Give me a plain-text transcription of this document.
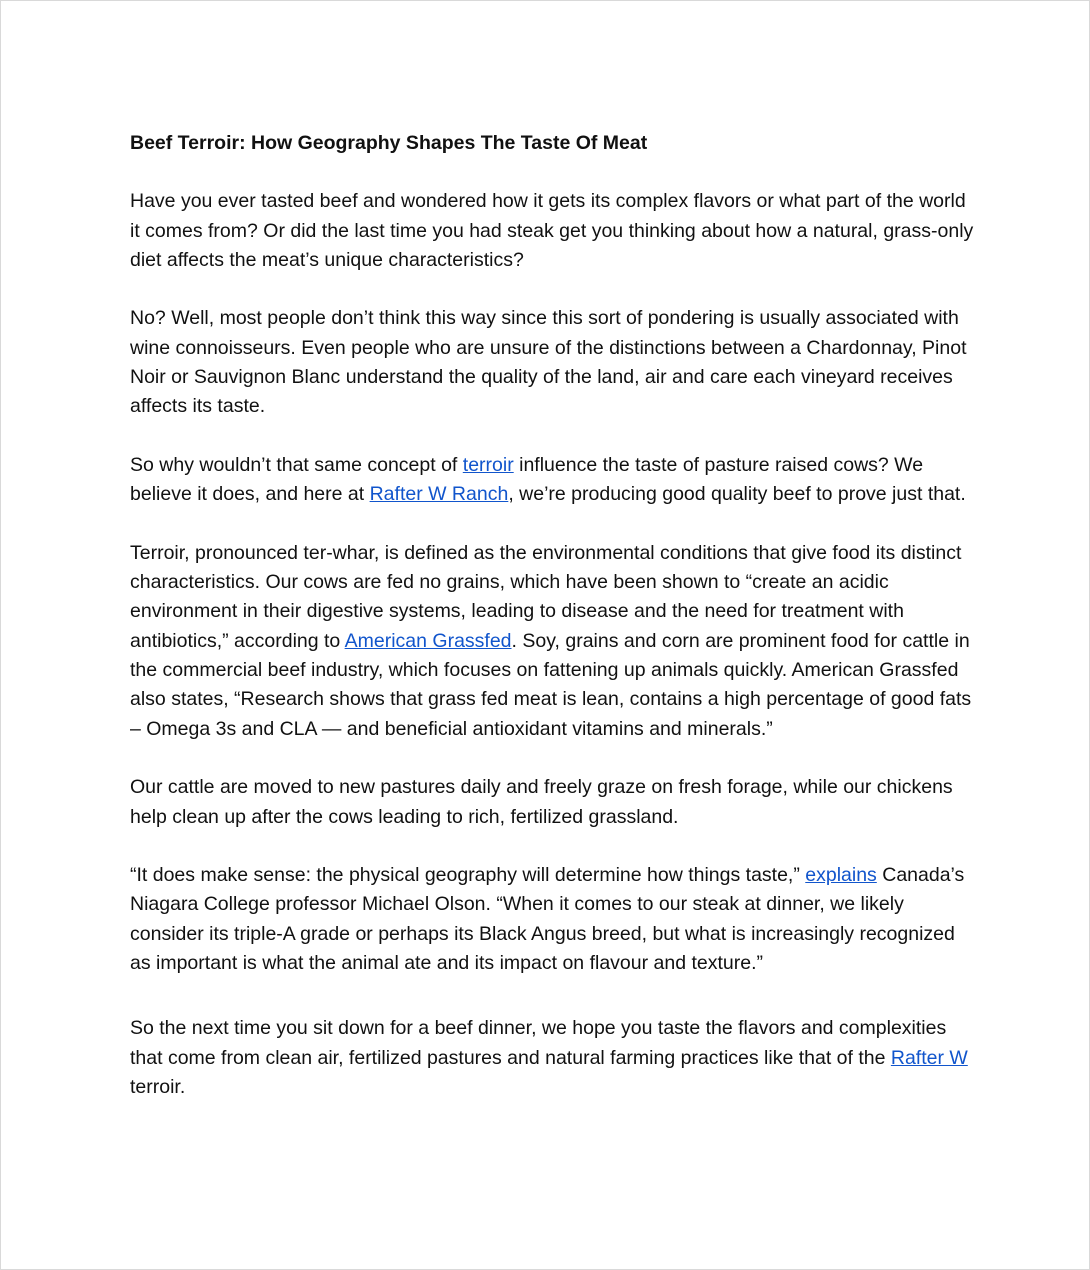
Beef Terroir: How Geography Shapes The Taste Of Meat

Have you ever tasted beef and wondered how it gets its complex flavors or what part of the world it comes from? Or did the last time you had steak get you thinking about how a natural, grass-only diet affects the meat’s unique characteristics?

No? Well, most people don’t think this way since this sort of pondering is usually associated with wine connoisseurs. Even people who are unsure of the distinctions between a Chardonnay, Pinot Noir or Sauvignon Blanc understand the quality of the land, air and care each vineyard receives affects its taste.

So why wouldn’t that same concept of terroir influence the taste of pasture raised cows? We believe it does, and here at Rafter W Ranch, we’re producing good quality beef to prove just that.

Terroir, pronounced ter-whar, is defined as the environmental conditions that give food its distinct characteristics. Our cows are fed no grains, which have been shown to “create an acidic environment in their digestive systems, leading to disease and the need for treatment with antibiotics,” according to American Grassfed. Soy, grains and corn are prominent food for cattle in the commercial beef industry, which focuses on fattening up animals quickly. American Grassfed also states, “Research shows that grass fed meat is lean, contains a high percentage of good fats – Omega 3s and CLA — and beneficial antioxidant vitamins and minerals.”

Our cattle are moved to new pastures daily and freely graze on fresh forage, while our chickens help clean up after the cows leading to rich, fertilized grassland.

“It does make sense: the physical geography will determine how things taste,” explains Canada’s Niagara College professor Michael Olson. “When it comes to our steak at dinner, we likely consider its triple-A grade or perhaps its Black Angus breed, but what is increasingly recognized as important is what the animal ate and its impact on flavour and texture.”

So the next time you sit down for a beef dinner, we hope you taste the flavors and complexities that come from clean air, fertilized pastures and natural farming practices like that of the Rafter W terroir.
